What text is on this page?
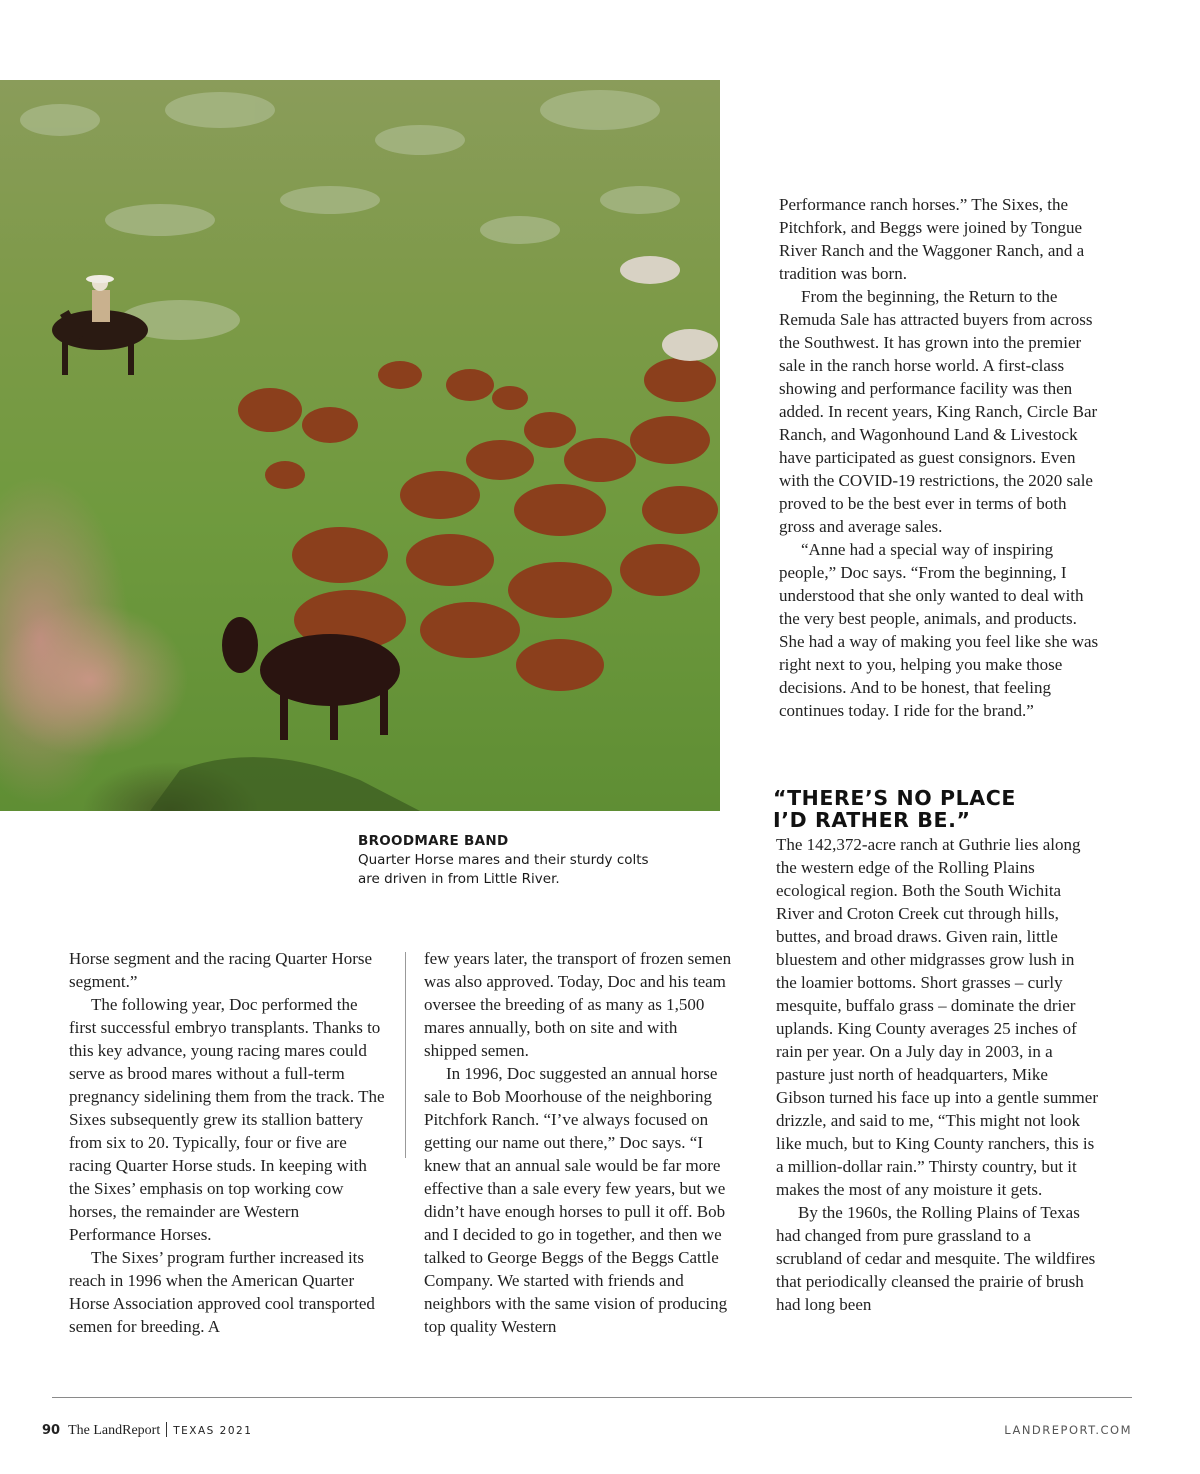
BROODMARE BAND
Quarter Horse mares and their sturdy colts
are driven in from Little River.

Horse segment and the racing Quarter Horse segment.”

The following year, Doc performed the first successful embryo transplants. Thanks to this key advance, young racing mares could serve as brood mares without a full-term pregnancy sidelining them from the track. The Sixes subsequently grew its stallion battery from six to 20. Typically, four or five are racing Quarter Horse studs. In keeping with the Sixes’ emphasis on top working cow horses, the remainder are Western Performance Horses.

The Sixes’ program further increased its reach in 1996 when the American Quarter Horse Association approved cool transported semen for breeding. A

few years later, the transport of frozen semen was also approved. Today, Doc and his team oversee the breeding of as many as 1,500 mares annually, both on site and with shipped semen.

In 1996, Doc suggested an annual horse sale to Bob Moorhouse of the neighboring Pitchfork Ranch. “I’ve always focused on getting our name out there,” Doc says. “I knew that an annual sale would be far more effective than a sale every few years, but we didn’t have enough horses to pull it off. Bob and I decided to go in together, and then we talked to George Beggs of the Beggs Cattle Company. We started with friends and neighbors with the same vision of producing top quality Western

Performance ranch horses.” The Sixes, the Pitchfork, and Beggs were joined by Tongue River Ranch and the Waggoner Ranch, and a tradition was born.

From the beginning, the Return to the Remuda Sale has attracted buyers from across the Southwest. It has grown into the premier sale in the ranch horse world. A first-class showing and performance facility was then added. In recent years, King Ranch, Circle Bar Ranch, and Wagonhound Land & Livestock have participated as guest consignors. Even with the COVID-19 restrictions, the 2020 sale proved to be the best ever in terms of both gross and average sales.

“Anne had a special way of inspiring people,” Doc says. “From the beginning, I understood that she only wanted to deal with the very best people, animals, and products. She had a way of making you feel like she was right next to you, helping you make those decisions. And to be honest, that feeling continues today. I ride for the brand.”

“THERE’S NO PLACE
I’D RATHER BE.”

The 142,372-acre ranch at Guthrie lies along the western edge of the Rolling Plains ecological region. Both the South Wichita River and Croton Creek cut through hills, buttes, and broad draws. Given rain, little bluestem and other midgrasses grow lush in the loamier bottoms. Short grasses – curly mesquite, buffalo grass – dominate the drier uplands. King County averages 25 inches of rain per year. On a July day in 2003, in a pasture just north of headquarters, Mike Gibson turned his face up into a gentle summer drizzle, and said to me, “This might not look like much, but to King County ranchers, this is a million-dollar rain.” Thirsty country, but it makes the most of any moisture it gets.

By the 1960s, the Rolling Plains of Texas had changed from pure grassland to a scrubland of cedar and mesquite. The wildfires that periodically cleansed the prairie of brush had long been

90 The LandReport TEXAS 2021	LANDREPORT.COM
